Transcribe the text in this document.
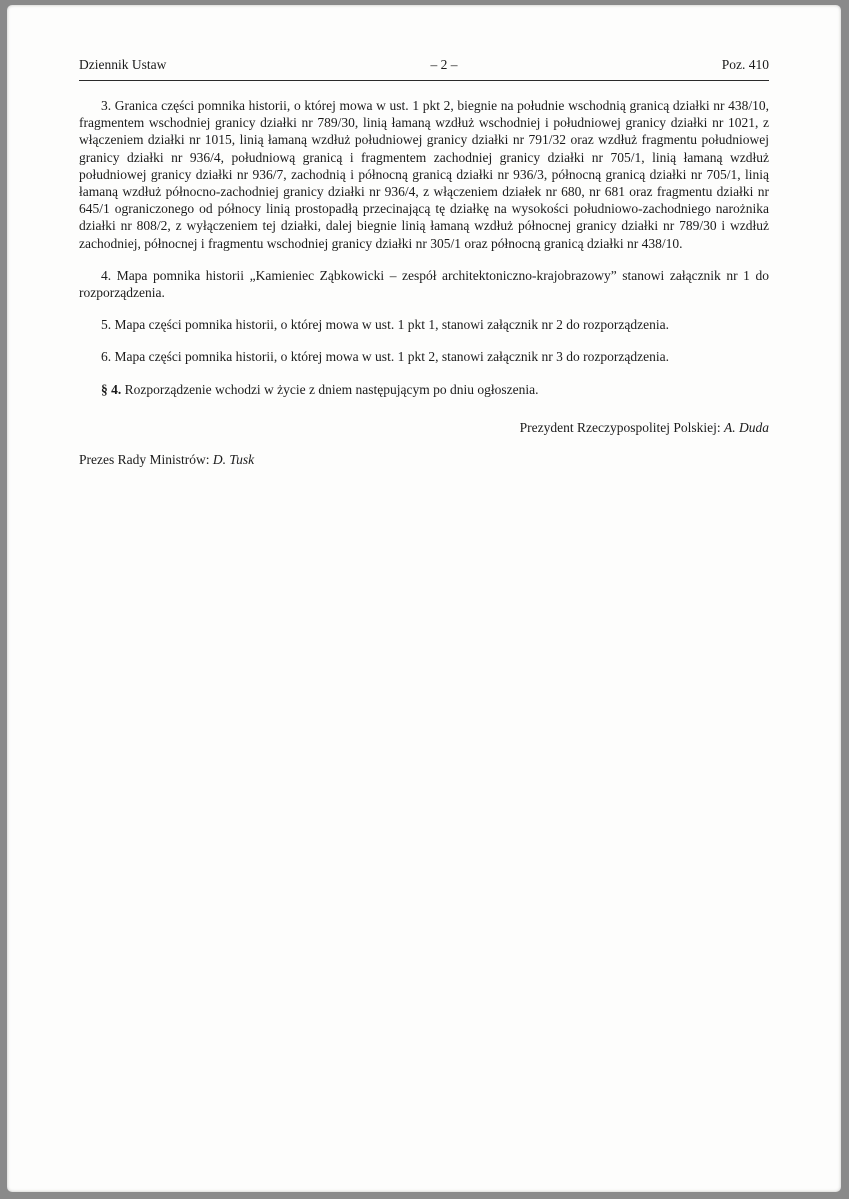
Dziennik Ustaw	– 2 –	Poz. 410

3. Granica części pomnika historii, o której mowa w ust. 1 pkt 2, biegnie na południe wschodnią granicą działki nr 438/10, fragmentem wschodniej granicy działki nr 789/30, linią łamaną wzdłuż wschodniej i południowej granicy działki nr 1021, z włączeniem działki nr 1015, linią łamaną wzdłuż południowej granicy działki nr 791/32 oraz wzdłuż fragmentu południowej granicy działki nr 936/4, południową granicą i fragmentem zachodniej granicy działki nr 705/1, linią łamaną wzdłuż południowej granicy działki nr 936/7, zachodnią i północną granicą działki nr 936/3, północną granicą działki nr 705/1, linią łamaną wzdłuż północno-zachodniej granicy działki nr 936/4, z włączeniem działek nr 680, nr 681 oraz fragmentu działki nr 645/1 ograniczonego od północy linią prostopadłą przecinającą tę działkę na wysokości południowo-zachodniego narożnika działki nr 808/2, z wyłączeniem tej działki, dalej biegnie linią łamaną wzdłuż północnej granicy działki nr 789/30 i wzdłuż zachodniej, północnej i fragmentu wschodniej granicy działki nr 305/1 oraz północną granicą działki nr 438/10.

4. Mapa pomnika historii „Kamieniec Ząbkowicki – zespół architektoniczno-krajobrazowy” stanowi załącznik nr 1 do rozporządzenia.

5. Mapa części pomnika historii, o której mowa w ust. 1 pkt 1, stanowi załącznik nr 2 do rozporządzenia.

6. Mapa części pomnika historii, o której mowa w ust. 1 pkt 2, stanowi załącznik nr 3 do rozporządzenia.

§ 4. Rozporządzenie wchodzi w życie z dniem następującym po dniu ogłoszenia.

Prezydent Rzeczypospolitej Polskiej: A. Duda
Prezes Rady Ministrów: D. Tusk
